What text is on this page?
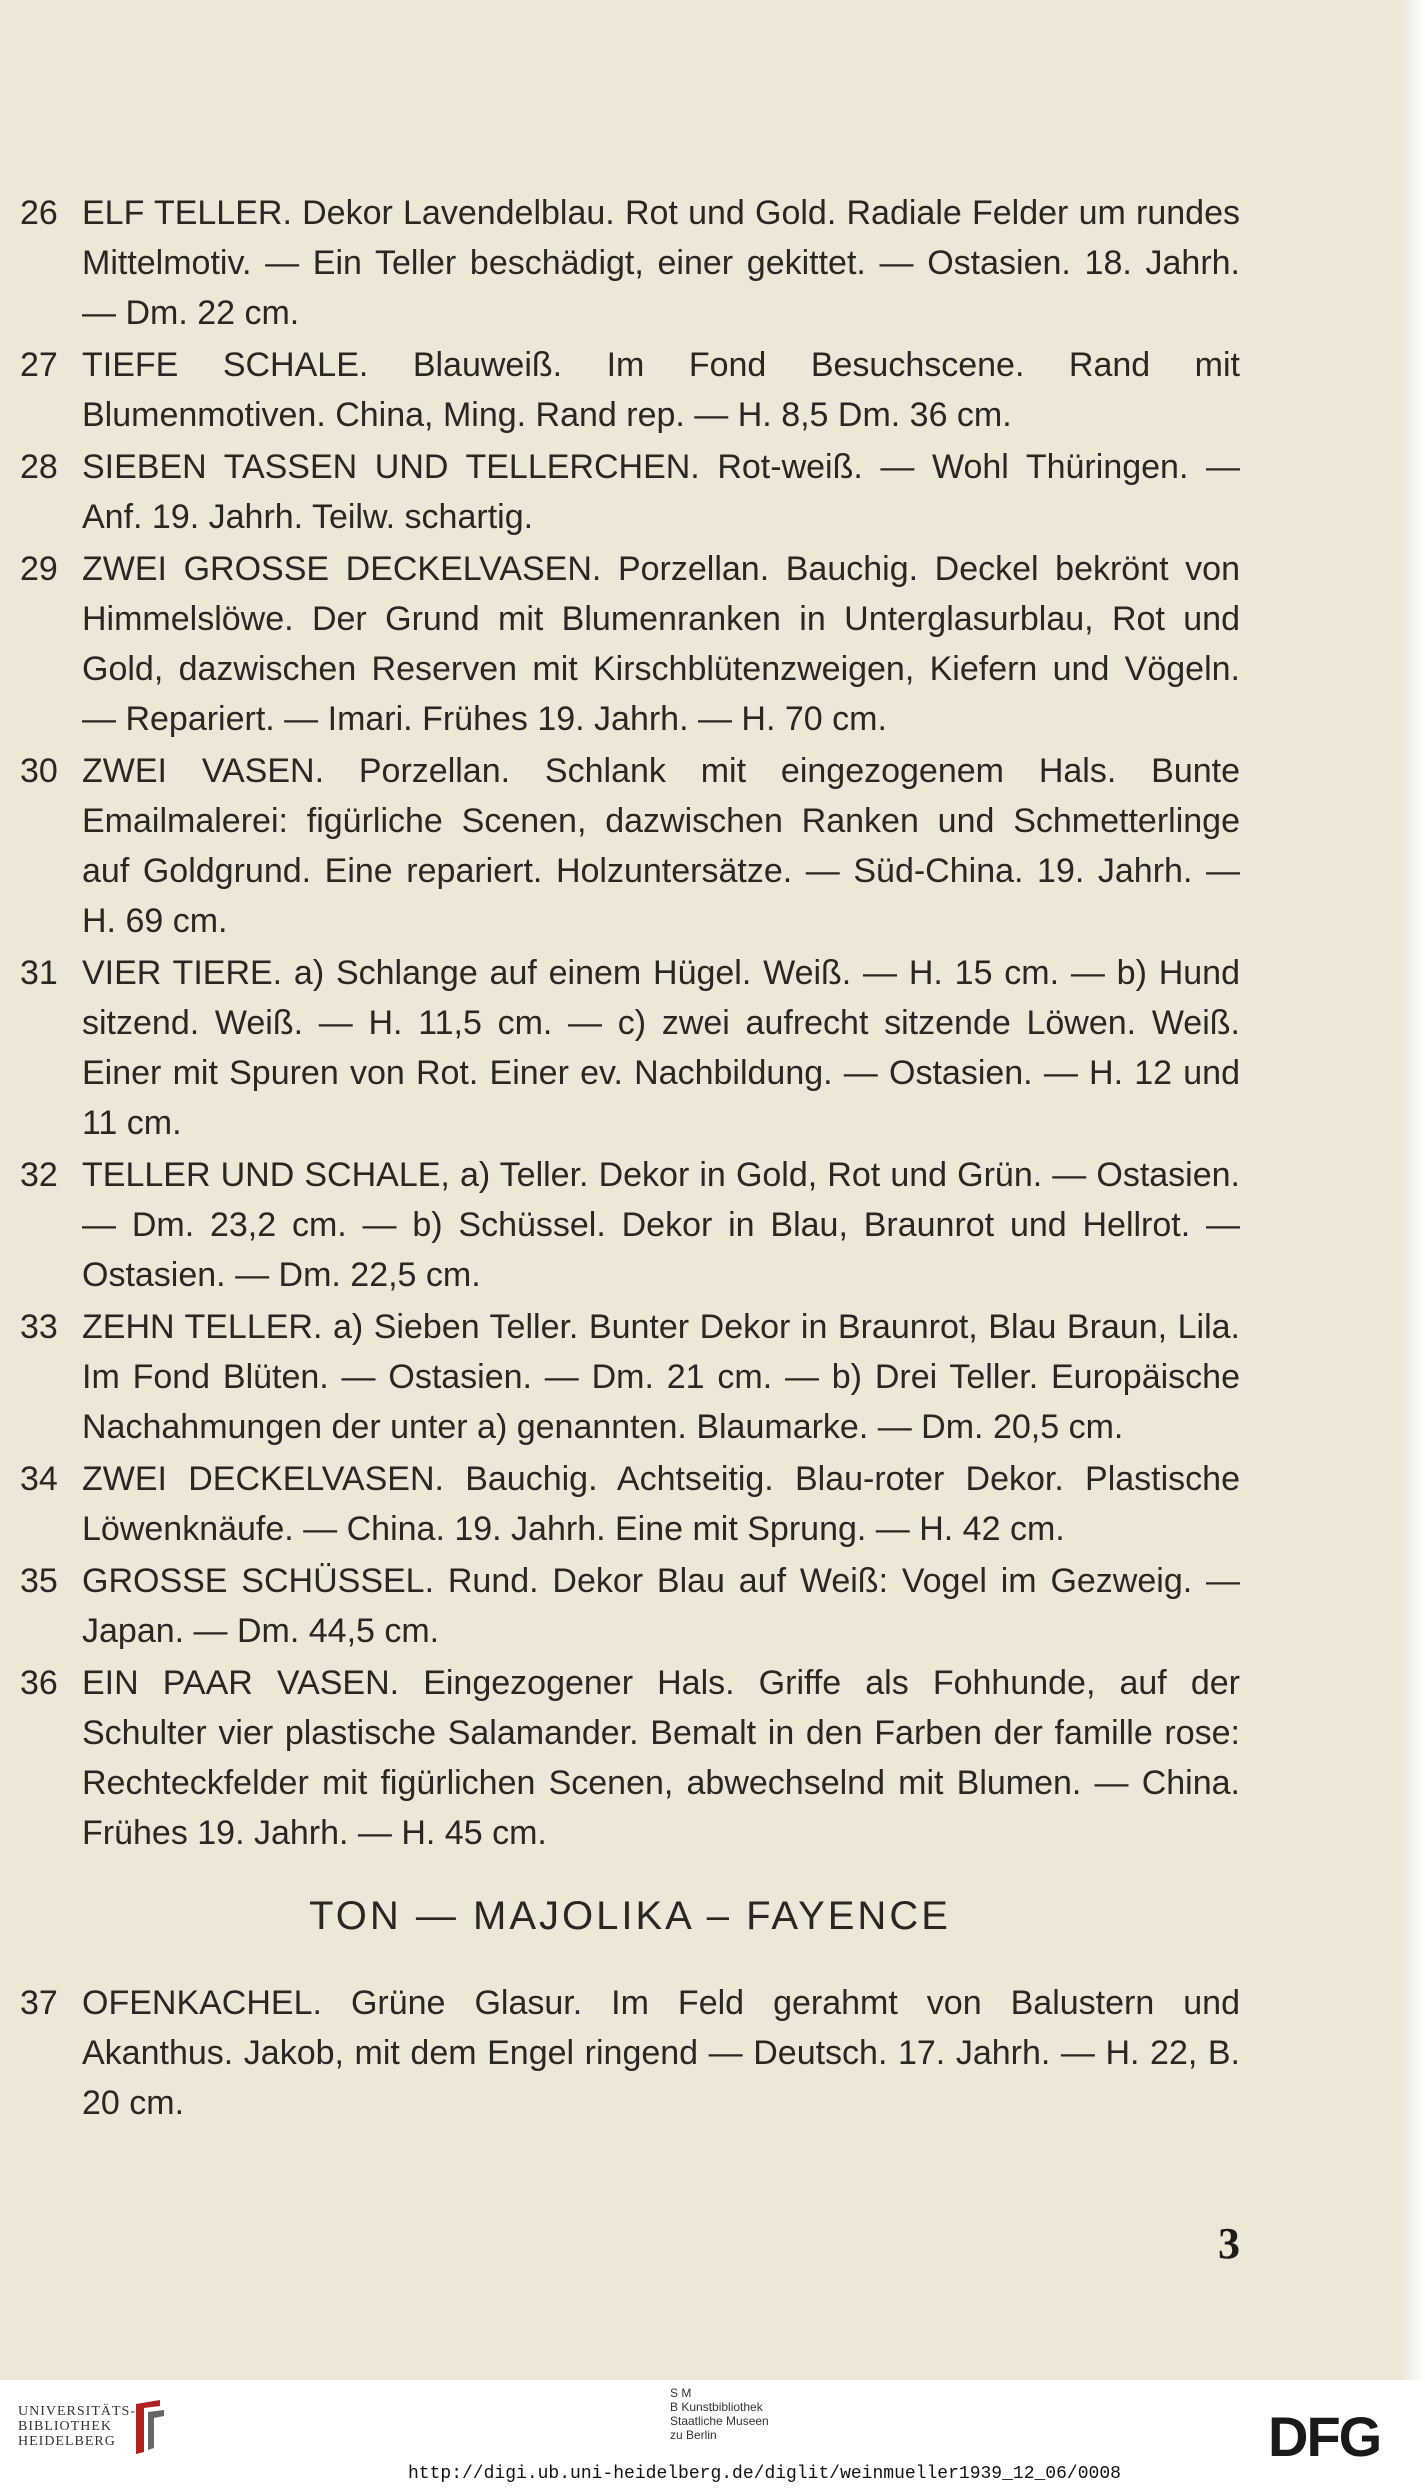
26 ELF TELLER. Dekor Lavendelblau. Rot und Gold. Radiale Felder um rundes Mittelmotiv. — Ein Teller beschädigt, einer gekittet. — Ostasien. 18. Jahrh. — Dm. 22 cm.
27 TIEFE SCHALE. Blauweiß. Im Fond Besuchscene. Rand mit Blumenmotiven. China, Ming. Rand rep. — H. 8,5 Dm. 36 cm.
28 SIEBEN TASSEN UND TELLERCHEN. Rot-weiß. — Wohl Thüringen. — Anf. 19. Jahrh. Teilw. schartig.
29 ZWEI GROSSE DECKELVASEN. Porzellan. Bauchig. Deckel bekrönt von Himmelslöwe. Der Grund mit Blumenranken in Unterglasurblau, Rot und Gold, dazwischen Reserven mit Kirschblütenzweigen, Kiefern und Vögeln. — Repariert. — Imari. Frühes 19. Jahrh. — H. 70 cm.
30 ZWEI VASEN. Porzellan. Schlank mit eingezogenem Hals. Bunte Emailmalerei: figürliche Scenen, dazwischen Ranken und Schmetterlinge auf Goldgrund. Eine repariert. Holzuntersätze. — Süd-China. 19. Jahrh. — H. 69 cm.
31 VIER TIERE. a) Schlange auf einem Hügel. Weiß. — H. 15 cm. — b) Hund sitzend. Weiß. — H. 11,5 cm. — c) zwei aufrecht sitzende Löwen. Weiß. Einer mit Spuren von Rot. Einer ev. Nachbildung. — Ostasien. — H. 12 und 11 cm.
32 TELLER UND SCHALE, a) Teller. Dekor in Gold, Rot und Grün. — Ostasien. — Dm. 23,2 cm. — b) Schüssel. Dekor in Blau, Braunrot und Hellrot. — Ostasien. — Dm. 22,5 cm.
33 ZEHN TELLER. a) Sieben Teller. Bunter Dekor in Braunrot, Blau Braun, Lila. Im Fond Blüten. — Ostasien. — Dm. 21 cm. — b) Drei Teller. Europäische Nachahmungen der unter a) genannten. Blaumarke. — Dm. 20,5 cm.
34 ZWEI DECKELVASEN. Bauchig. Achtseitig. Blau-roter Dekor. Plastische Löwenknäufe. — China. 19. Jahrh. Eine mit Sprung. — H. 42 cm.
35 GROSSE SCHÜSSEL. Rund. Dekor Blau auf Weiß: Vogel im Gezweig. — Japan. — Dm. 44,5 cm.
36 EIN PAAR VASEN. Eingezogener Hals. Griffe als Fohhunde, auf der Schulter vier plastische Salamander. Bemalt in den Farben der famille rose: Rechteckfelder mit figürlichen Scenen, abwechselnd mit Blumen. — China. Frühes 19. Jahrh. — H. 45 cm.
TON — MAJOLIKA – FAYENCE
37 OFENKACHEL. Grüne Glasur. Im Feld gerahmt von Balustern und Akanthus. Jakob, mit dem Engel ringend — Deutsch. 17. Jahrh. — H. 22, B. 20 cm.
3
UNIVERSITÄTS-
BIBLIOTHEK
HEIDELBERG
S M
B Kunstbibliothek
Staatliche Museen
zu Berlin	DFG
http://digi.ub.uni-heidelberg.de/diglit/weinmueller1939_12_06/0008
